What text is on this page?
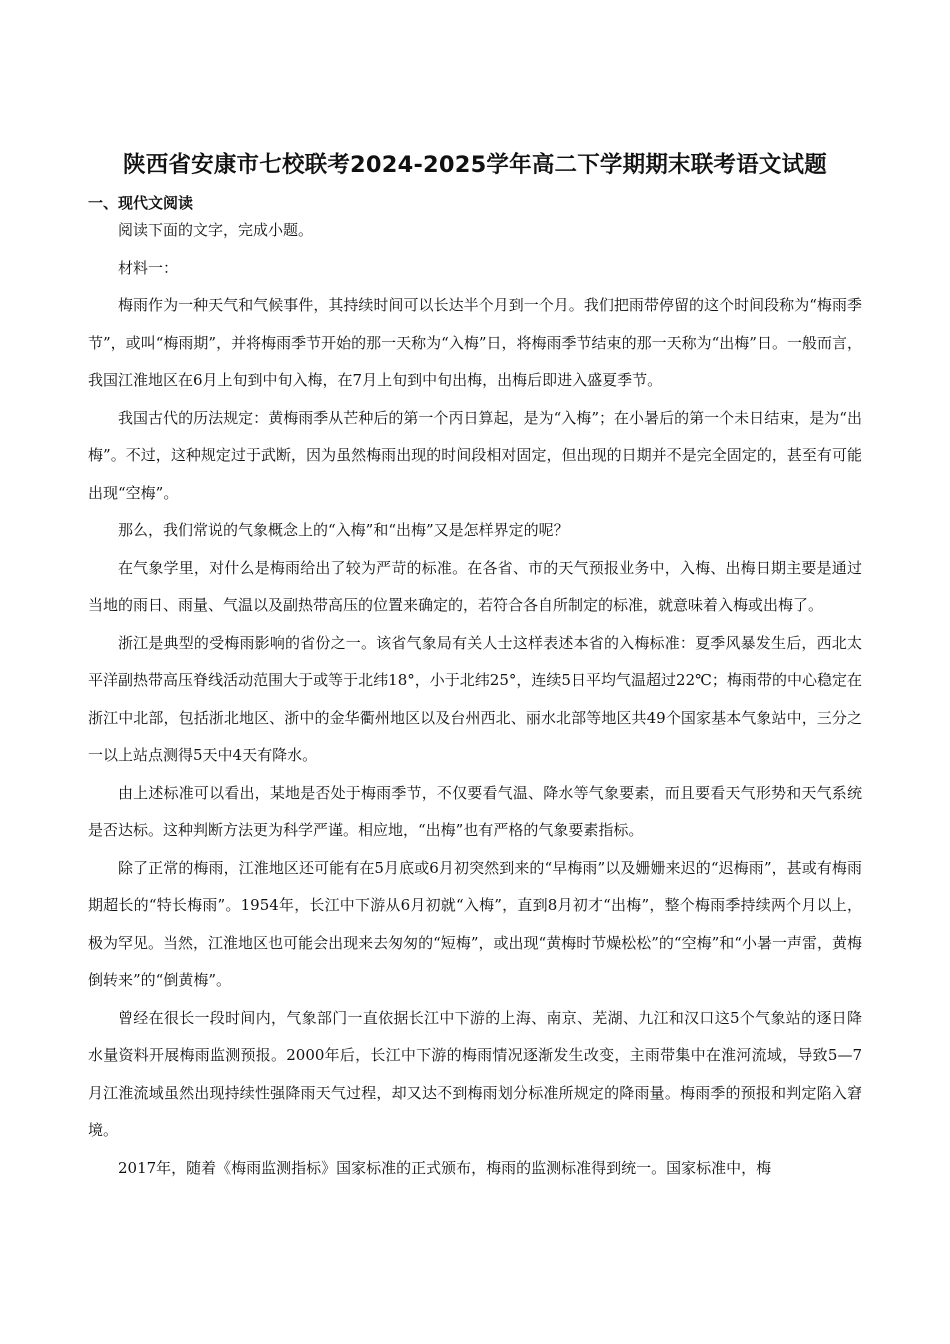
陕西省安康市七校联考2024-2025学年高二下学期期末联考语文试题
一、现代文阅读

阅读下面的文字，完成小题。

材料一：

梅雨作为一种天气和气候事件，其持续时间可以长达半个月到一个月。我们把雨带停留的这个时间段称为“梅雨季节”，或叫“梅雨期”，并将梅雨季节开始的那一天称为“入梅”日，将梅雨季节结束的那一天称为“出梅”日。一般而言，我国江淮地区在6月上旬到中旬入梅，在7月上旬到中旬出梅，出梅后即进入盛夏季节。

我国古代的历法规定：黄梅雨季从芒种后的第一个丙日算起，是为“入梅”；在小暑后的第一个未日结束，是为“出梅”。不过，这种规定过于武断，因为虽然梅雨出现的时间段相对固定，但出现的日期并不是完全固定的，甚至有可能出现“空梅”。

那么，我们常说的气象概念上的“入梅”和“出梅”又是怎样界定的呢？

在气象学里，对什么是梅雨给出了较为严苛的标准。在各省、市的天气预报业务中，入梅、出梅日期主要是通过当地的雨日、雨量、气温以及副热带高压的位置来确定的，若符合各自所制定的标准，就意味着入梅或出梅了。

浙江是典型的受梅雨影响的省份之一。该省气象局有关人士这样表述本省的入梅标准：夏季风暴发生后，西北太平洋副热带高压脊线活动范围大于或等于北纬18°，小于北纬25°，连续5日平均气温超过22℃；梅雨带的中心稳定在浙江中北部，包括浙北地区、浙中的金华衢州地区以及台州西北、丽水北部等地区共49个国家基本气象站中，三分之一以上站点测得5天中4天有降水。

由上述标准可以看出，某地是否处于梅雨季节，不仅要看气温、降水等气象要素，而且要看天气形势和天气系统是否达标。这种判断方法更为科学严谨。相应地，“出梅”也有严格的气象要素指标。

除了正常的梅雨，江淮地区还可能有在5月底或6月初突然到来的“早梅雨”以及姗姗来迟的“迟梅雨”，甚或有梅雨期超长的“特长梅雨”。1954年，长江中下游从6月初就“入梅”，直到8月初才“出梅”，整个梅雨季持续两个月以上，极为罕见。当然，江淮地区也可能会出现来去匆匆的“短梅”，或出现“黄梅时节燥松松”的“空梅”和“小暑一声雷，黄梅倒转来”的“倒黄梅”。

曾经在很长一段时间内，气象部门一直依据长江中下游的上海、南京、芜湖、九江和汉口这5个气象站的逐日降水量资料开展梅雨监测预报。2000年后，长江中下游的梅雨情况逐渐发生改变，主雨带集中在淮河流域，导致5—7月江淮流域虽然出现持续性强降雨天气过程，却又达不到梅雨划分标准所规定的降雨量。梅雨季的预报和判定陷入窘境。

2017年，随着《梅雨监测指标》国家标准的正式颁布，梅雨的监测标准得到统一。国家标准中，梅
